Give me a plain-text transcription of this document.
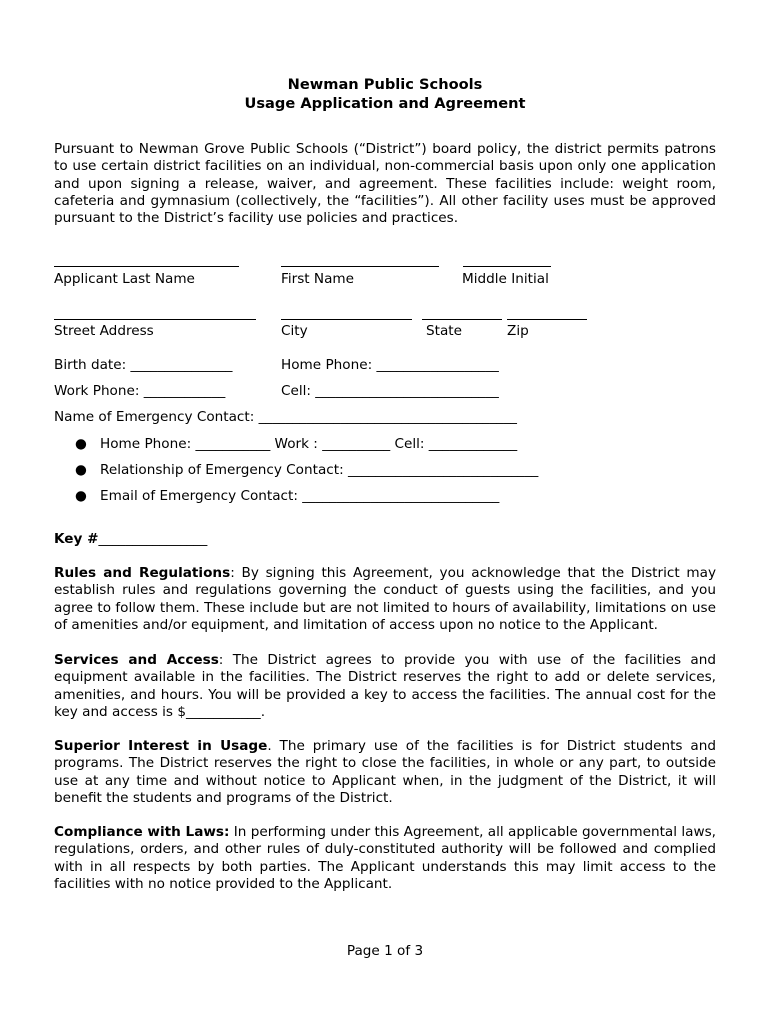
Newman Public Schools
Usage Application and Agreement

Pursuant to Newman Grove Public Schools (“District”) board policy, the district permits patrons to use certain district facilities on an individual, non-commercial basis upon only one application and upon signing a release, waiver, and agreement. These facilities include: weight room, cafeteria and gymnasium (collectively, the “facilities”). All other facility uses must be approved pursuant to the District’s facility use policies and practices.

Applicant Last Name	First Name	Middle Initial
Street Address	City	State	Zip
Birth date: _______________	Home Phone: __________________
Work Phone: ____________	Cell: ___________________________
Name of Emergency Contact: ______________________________________
● Home Phone: ___________ Work : __________ Cell: _____________
● Relationship of Emergency Contact: ____________________________
● Email of Emergency Contact: _____________________________
Key #________________

Rules and Regulations: By signing this Agreement, you acknowledge that the District may establish rules and regulations governing the conduct of guests using the facilities, and you agree to follow them. These include but are not limited to hours of availability, limitations on use of amenities and/or equipment, and limitation of access upon no notice to the Applicant.

Services and Access: The District agrees to provide you with use of the facilities and equipment available in the facilities. The District reserves the right to add or delete services, amenities, and hours. You will be provided a key to access the facilities. The annual cost for the key and access is $___________.

Superior Interest in Usage. The primary use of the facilities is for District students and programs. The District reserves the right to close the facilities, in whole or any part, to outside use at any time and without notice to Applicant when, in the judgment of the District, it will benefit the students and programs of the District.

Compliance with Laws: In performing under this Agreement, all applicable governmental laws, regulations, orders, and other rules of duly-constituted authority will be followed and complied with in all respects by both parties. The Applicant understands this may limit access to the facilities with no notice provided to the Applicant.

Page 1 of 3
